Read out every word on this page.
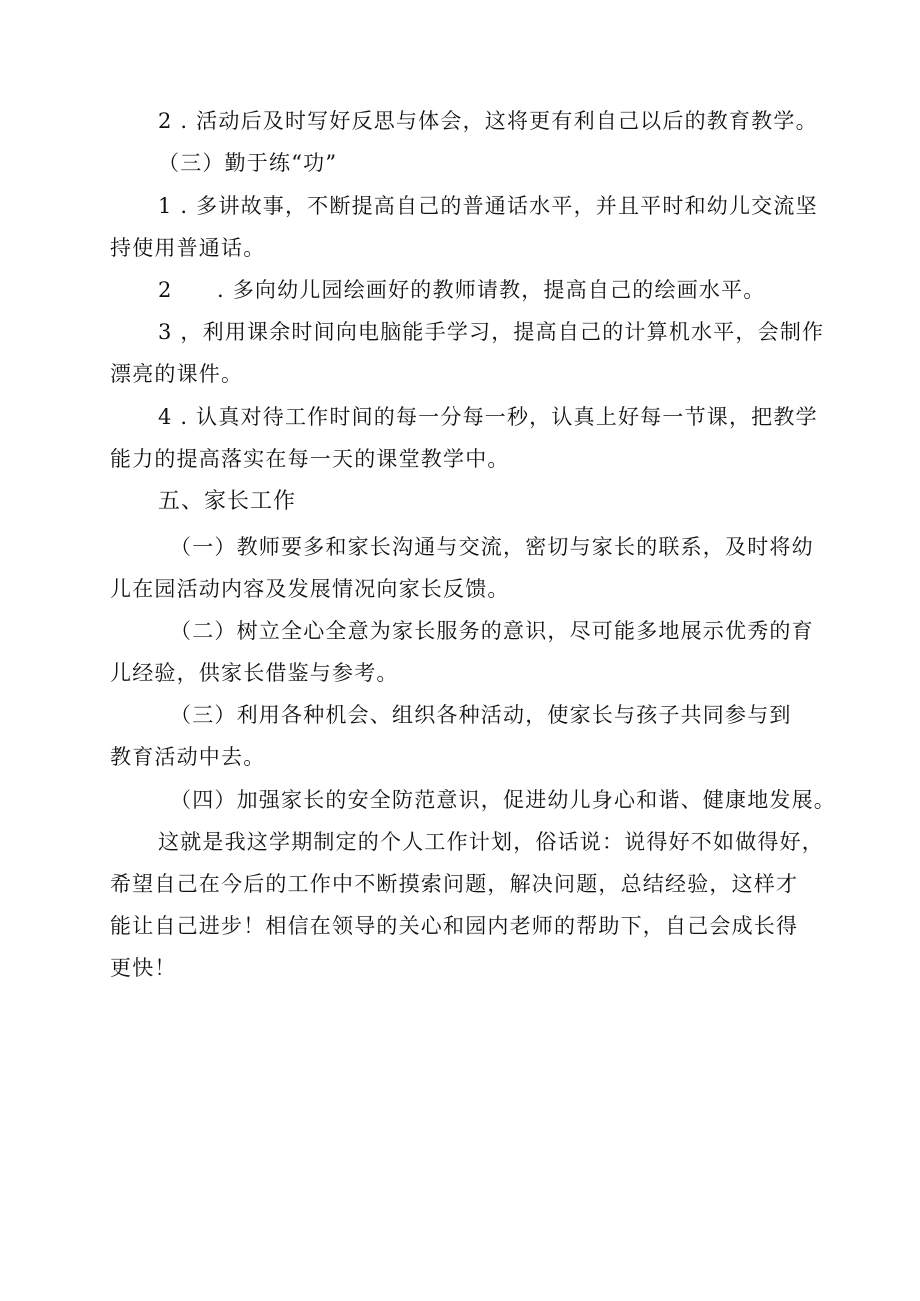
2 . 活动后及时写好反思与体会，这将更有利自己以后的教育教学。
（三）勤于练“功”
1 . 多讲故事，不断提高自己的普通话水平，并且平时和幼儿交流坚
持使用普通话。
2　　. 多向幼儿园绘画好的教师请教，提高自己的绘画水平。
3 ，利用课余时间向电脑能手学习，提高自己的计算机水平，会制作
漂亮的课件。
4 . 认真对待工作时间的每一分每一秒，认真上好每一节课，把教学
能力的提高落实在每一天的课堂教学中。
五、家长工作
（一）教师要多和家长沟通与交流，密切与家长的联系，及时将幼
儿在园活动内容及发展情况向家长反馈。
（二）树立全心全意为家长服务的意识，尽可能多地展示优秀的育
儿经验，供家长借鉴与参考。
（三）利用各种机会、组织各种活动，使家长与孩子共同参与到
教育活动中去。
（四）加强家长的安全防范意识，促进幼儿身心和谐、健康地发展。
这就是我这学期制定的个人工作计划，俗话说：说得好不如做得好，
希望自己在今后的工作中不断摸索问题，解决问题，总结经验，这样才
能让自己进步！相信在领导的关心和园内老师的帮助下，自己会成长得
更快！
